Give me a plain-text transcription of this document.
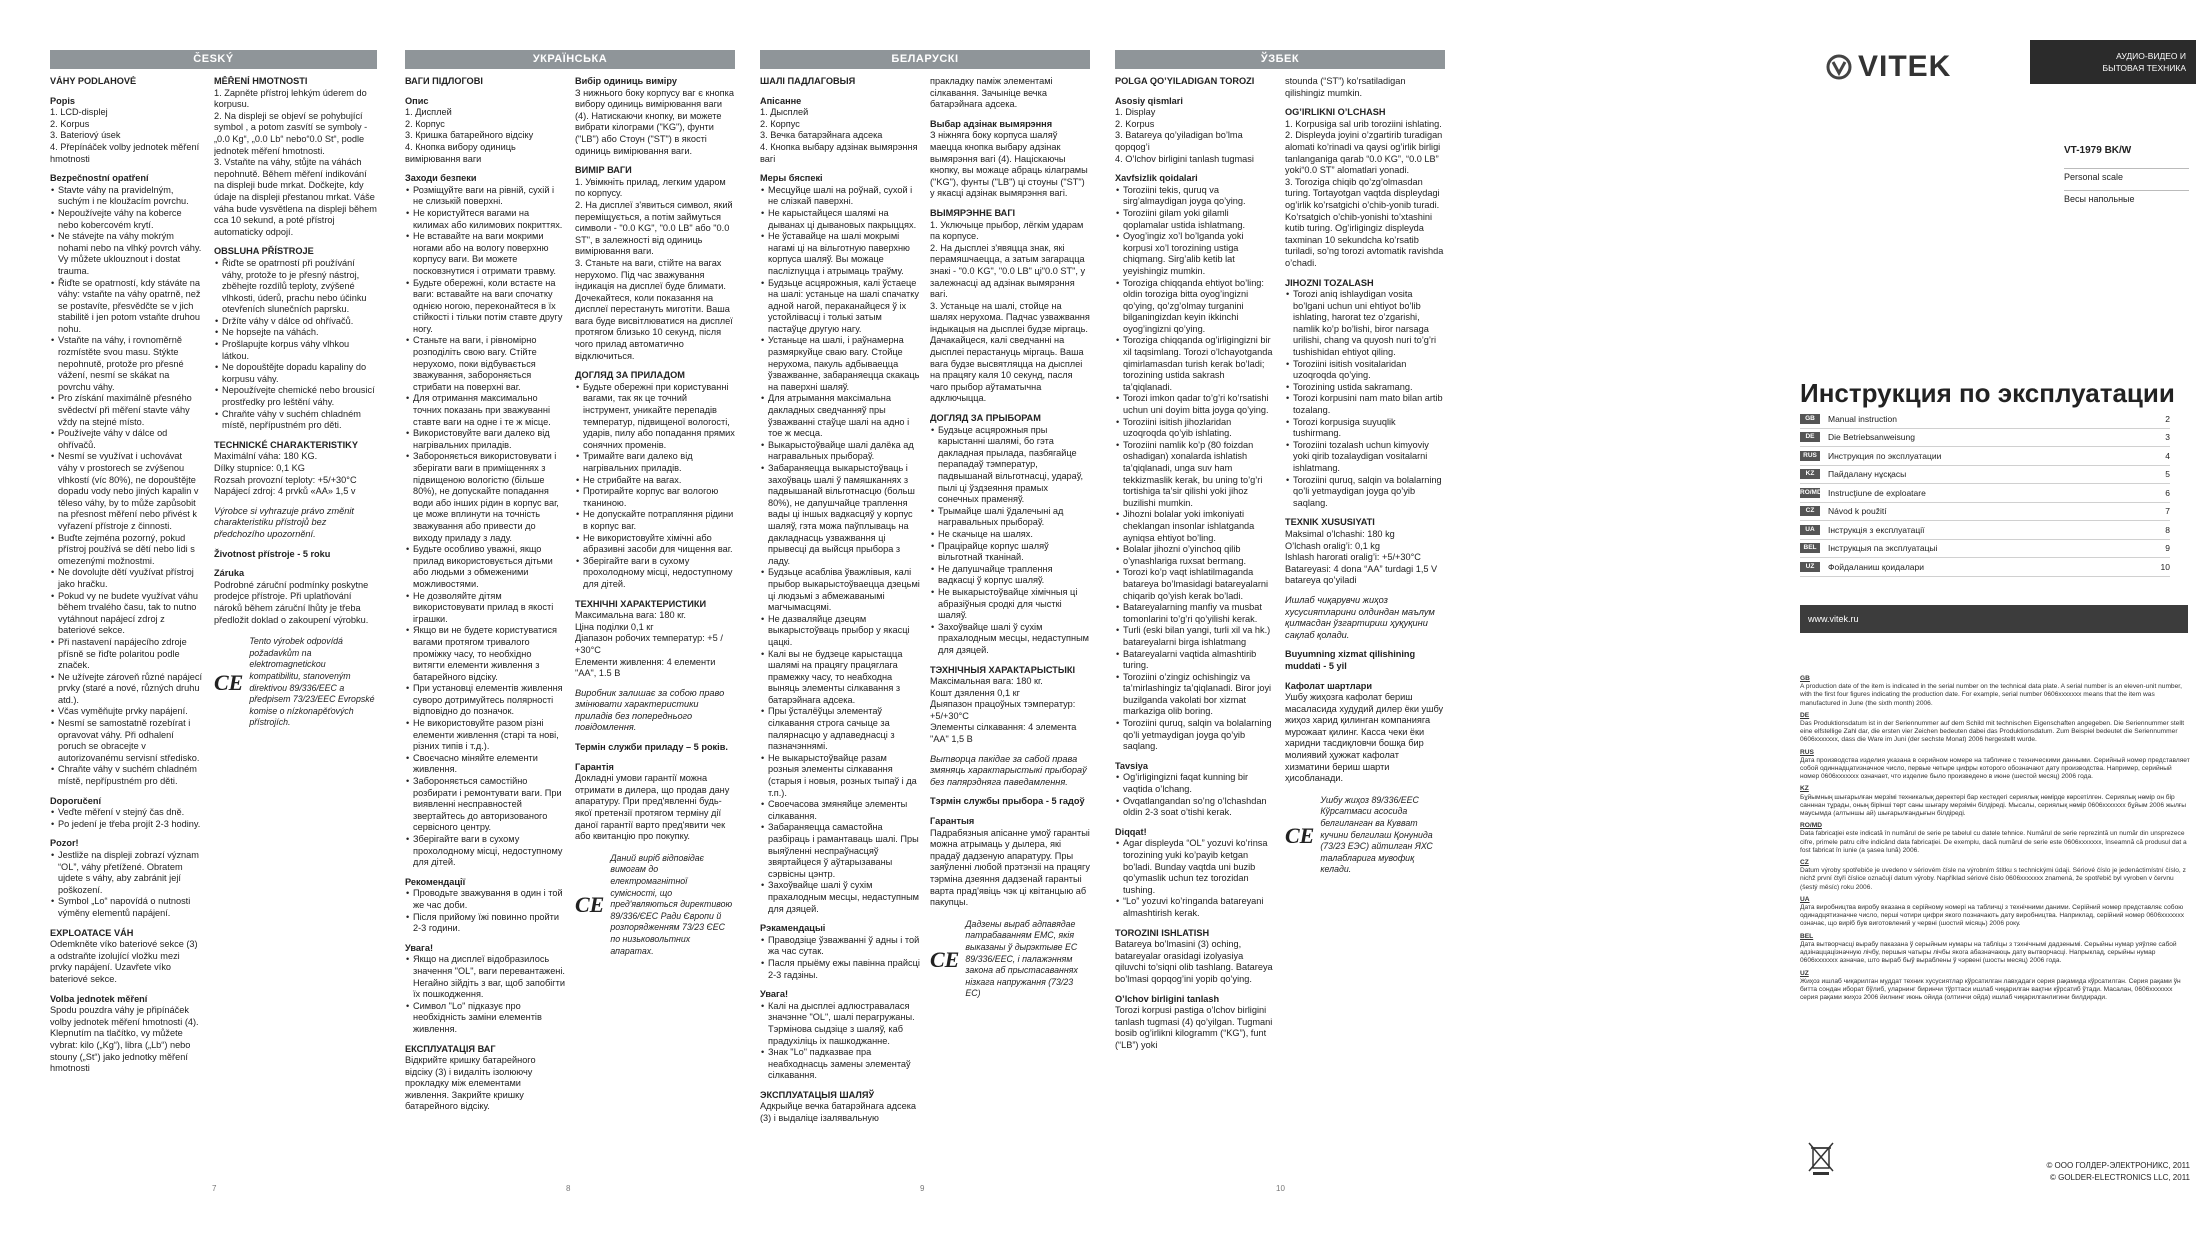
ČESKÝ

VÁHY PODLAHOVÉ

Popis

1. LCD-displej

2. Korpus

3. Bateriový úsek

4. Přepínáček volby jednotek měření hmotnosti

Bezpečnostní opatření

• Stavte váhy na pravidelným, suchým i ne kloužacím povrchu.
• Nepoužívejte váhy na koberce nebo kobercovém krytí.
• Ne stávejte na váhy mokrým nohami nebo na vlhký povrch váhy. Vy můžete uklouznout i dostat trauma.
• Řiďte se opatrností, kdy stáváte na váhy: vstaňte na váhy opatrně, než se postavíte, přesvědčte se v jich stabilitě i jen potom vstaňte druhou nohu.
• Vstaňte na váhy, i rovnoměrně rozmístěte svou masu. Stýkte nepohnutě, protože pro přesné vážení, nesmí se skákat na povrchu váhy.
• Pro získání maximálně přesného svědectví při měření stavte váhy vždy na stejné místo.
• Používejte váhy v dálce od ohřívačů.
• Nesmí se využívat i uchovávat váhy v prostorech se zvýšenou vlhkostí (víc 80%), ne dopouštějte dopadu vody nebo jiných kapalin v těleso váhy, by to může zapůsobit na přesnost měření nebo přivést k vyřazení přístroje z činnosti.
• Buďte zejména pozorný, pokud přístroj používá se dětí nebo lidi s omezenými možnostmi.
• Ne dovolujte dětí využívat přístroj jako hračku.
• Pokud vy ne budete využívat váhu během trvalého času, tak to nutno vytáhnout napájecí zdroj z bateriové sekce.
• Při nastavení napájecího zdroje přísně se řiďte polaritou podle značek.
• Ne užívejte zároveň různé napájecí prvky (staré a nové, různých druhu atd.).
• Včas vyměňujte prvky napájení.
• Nesmí se samostatně rozebírat i opravovat váhy. Při odhalení poruch se obracejte v autorizovanému servisní středisko.
• Chraňte váhy v suchém chladném místě, nepřípustném pro děti.

Doporučení

• Veďte měření v stejný čas dně.
• Po jedení je třeba projít 2-3 hodiny.

Pozor!

• Jestliže na displeji zobrazí význam “OL”, váhy přetížené. Obratem ujdete s váhy, aby zabránit její poškození.
• Symbol „Lo“ napovídá o nutnosti výměny elementů napájení.

EXPLOATACE VÁH

Odemkněte víko bateriové sekce (3) a odstraňte izolující vložku mezi prvky napájení. Uzavřete víko bateriové sekce.

Volba jednotek měření

Spodu pouzdra váhy je připínáček volby jednotek měření hmotnosti (4). Klepnutím na tlačítko, vy můžete vybrat: kilo („Kg“), libra („Lb“) nebo stouny („St“) jako jednotky měření hmotnosti

MĚŘENÍ HMOTNOSTI

1. Zapněte přístroj lehkým úderem do korpusu.

2. Na displeji se objeví se pohybující symbol , a potom zasvítí se symboly - „0.0 Kg“, „0.0 Lb“ nebo“0.0 St“, podle jednotek měření hmotnosti.

3. Vstaňte na váhy, stůjte na váhách nepohnutě. Během měření indikování na displeji bude mrkat. Dočkejte, kdy údaje na displeji přestanou mrkat. Váše váha bude vysvětlena na displeji během cca 10 sekund, a poté přístroj automaticky odpojí.

OBSLUHA PŘÍSTROJE

• Řiďte se opatrností při používání váhy, protože to je přesný nástroj, zběhejte rozdílů teploty, zvýšené vlhkosti, úderů, prachu nebo účinku otevřeních slunečních paprsku.
• Držíte váhy v dálce od ohřívačů.
• Ne hopsejte na váhách.
• Prošlapujte korpus váhy vlhkou látkou.
• Ne dopouštějte dopadu kapaliny do korpusu váhy.
• Nepoužívejte chemické nebo brousicí prostředky pro leštění váhy.
• Chraňte váhy v suchém chladném místě, nepřípustném pro děti.

TECHNICKÉ CHARAKTERISTIKY

Maximální váha: 180 KG.

Dílky stupnice: 0,1 KG

Rozsah provozní teploty: +5/+30°C

Napájecí zdroj: 4 prvků «AA» 1,5 v

Výrobce si vyhrazuje právo změnit charakteristiku přístrojů bez předchozího upozornění.

Životnost přístroje - 5 roku

Záruka

Podrobné záruční podmínky poskytne prodejce přístroje. Při uplatňování nároků během záruční lhůty je třeba předložit doklad o zakoupení výrobku.

CE
Tento výrobek odpovídá požadavkům na elektromagnetickou kompatibilitu, stanoveným direktivou 89/336/EEC a předpisem 73/23/EEC Evropské komise o nízkonapěťových přístrojích.
7
УКРАЇНСЬКА

ВАГИ ПІДЛОГОВІ

Опис

1. Дисплей

2. Корпус

3. Кришка батарейного відсіку

4. Кнопка вибору одиниць вимірювання ваги

Заходи безпеки

• Розміщуйте ваги на рівній, сухій і не слизькій поверхні.
• Не користуйтеся вагами на килимах або килимових покриттях.
• Не вставайте на ваги мокрими ногами або на вологу поверхню корпусу ваги. Ви можете посковзнутися і отримати травму.
• Будьте обережні, коли встаєте на ваги: вставайте на ваги спочатку однією ногою, переконайтеся в їх стійкості і тільки потім ставте другу ногу.
• Станьте на ваги, і рівномірно розподіліть свою вагу. Стійте нерухомо, поки відбувається зважування, забороняється стрибати на поверхні ваг.
• Для отримання максимально точних показань при зважуванні ставте ваги на одне і те ж місце.
• Використовуйте ваги далеко від нагрівальних приладів.
• Забороняється використовувати і зберігати ваги в приміщеннях з підвищеною вологістю (більше 80%), не допускайте попадання води або інших рідин в корпус ваг, це може вплинути на точність зважування або привести до виходу приладу з ладу.
• Будьте особливо уважні, якщо прилад використовується дітьми або людьми з обмеженими можливостями.
• Не дозволяйте дітям використовувати прилад в якості іграшки.
• Якщо ви не будете користуватися вагами протягом тривалого проміжку часу, то необхідно витягти елементи живлення з батарейного відсіку.
• При установці елементів живлення суворо дотримуйтесь полярності відповідно до позначок.
• Не використовуйте разом різні елементи живлення (старі та нові, різних типів і т.д.).
• Своєчасно міняйте елементи живлення.
• Забороняється самостійно розбирати і ремонтувати ваги. При виявленні несправностей звертайтесь до авторизованого сервісного центру.
• Зберігайте ваги в сухому прохолодному місці, недоступному для дітей.

Рекомендації

• Проводьте зважування в один і той же час доби.
• Після прийому їжі повинно пройти 2-3 години.

Увага!

• Якщо на дисплеї відобразилось значення "OL", ваги перевантажені. Негайно зійдіть з ваг, щоб запобігти їх пошкодження.
• Символ "Lo" підказує про необхідність заміни елементів живлення.

ЕКСПЛУАТАЦІЯ ВАГ

Відкрийте кришку батарейного відсіку (3) і видаліть ізолюючу прокладку між елементами живлення. Закрийте кришку батарейного відсіку.

Вибір одиниць виміру

З нижнього боку корпусу ваг є кнопка вибору одиниць вимірювання ваги (4). Натискаючи кнопку, ви можете вибрати кілограми ("KG"), фунти ("LB") або Стоун ("ST") в якості одиниць вимірювання ваги.

ВИМІР ВАГИ

1. Увімкніть прилад, легким ударом по корпусу.

2. На дисплеї з'явиться символ, який переміщується, а потім займуться символи - "0.0 KG", "0.0 LB" або "0.0 ST", в залежності від одиниць вимірювання ваги.

3. Станьте на ваги, стійте на вагах нерухомо. Під час зважування індикація на дисплеї буде блимати. Дочекайтеся, коли показання на дисплеї перестануть миготіти. Ваша вага буде висвітлюватися на дисплеї протягом близько 10 секунд, після чого прилад автоматично відключиться.

ДОГЛЯД ЗА ПРИЛАДОМ

• Будьте обережні при користуванні вагами, так як це точний інструмент, уникайте перепадів температур, підвищеної вологості, ударів, пилу або попадання прямих сонячних променів.
• Тримайте ваги далеко від нагрівальних приладів.
• Не стрибайте на вагах.
• Протирайте корпус ваг вологою тканиною.
• Не допускайте потрапляння рідини в корпус ваг.
• Не використовуйте хімічні або абразивні засоби для чищення ваг.
• Зберігайте ваги в сухому прохолодному місці, недоступному для дітей.

ТЕХНІЧНІ ХАРАКТЕРИСТИКИ

Максимальна вага: 180 кг.

Ціна поділки 0,1 кг

Діапазон робочих температур: +5 / +30°C

Елементи живлення: 4 елементи "AA", 1.5 B

Виробник залишає за собою право змінювати характеристики приладів без попереднього повідомлення.

Термін служби приладу – 5 років.

Гарантія

Докладні умови гарантії можна отримати в дилера, що продав дану апаратуру. При пред'явленні будь-якої претензії протягом терміну дії даної гарантії варто пред'явити чек або квитанцію про покупку.

CE
Даний виріб відповідає вимогам до електромагнітної сумісності, що пред'являються директивою 89/336/ЄЕС Ради Європи й розпорядженням 73/23 ЄЕС по низьковольтних апаратах.
8
БЕЛАРУСКІ

ШАЛІ ПАДЛАГОВЫЯ

Апісанне

1. Дысплей

2. Корпус

3. Вечка батарэйнага адсека

4. Кнопка выбару адзінак вымярэння вагі

Меры бяспекі

• Месцуйце шалі на роўнай, сухой і не слізкай паверхні.
• Не карыстайцеся шалямі на дыванах ці дывановых пакрыццях.
• Не ўставайце на шалі мокрымі нагамі ці на вільготную паверхню корпуса шаляў. Вы можаце пасліznуцца і атрымаць траўму.
• Будзьце асцярожныя, калі ўстаеце на шалі: устаньце на шалі спачатку адной нагой, пераканайцеся ў іх устойлівасці і толькі затым пастаўце другую нагу.
• Устаньце на шалі, і раўнамерна размяркуйце сваю вагу. Стойце нерухома, пакуль адбываецца ўзважванне, забараняецца скакаць на паверхні шаляў.
• Для атрымання максімальна дакладных сведчанняў пры ўзважванні стаўце шалі на адно і тое ж месца.
• Выкарыстоўвайце шалі далёка ад награвальных прыбораў.
• Забараняецца выкарыстоўваць і захоўваць шалі ў памяшканнях з падвышанай вільготнасцю (больш 80%), не дапушчайце траплення вады ці іншых вадкасцяў у корпус шаляў, гэта можа паўплываць на дакладнасць узважвання ці прывесці да выйсця прыбора з ладу.
• Будзьце асабліва ўважлівыя, калі прыбор выкарыстоўваецца дзецьмі ці людзьмі з абмежаванымі магчымасцямі.
• Не дазваляйце дзецям выкарыстоўваць прыбор у якасці цацкі.
• Калі вы не будзеце карыстацца шалямі на працягу працяглага прамежку часу, то неабходна выняць элементы сілкавання з батарэйнага адсека.
• Пры ўсталёўцы элементаў сілкавання строга сачыце за палярнасцю у адпаведнасці з пазначэннямі.
• Не выкарыстоўвайце разам розныя элементы сілкавання (старыя і новыя, розных тыпаў і да т.п.).
• Своечасова змяняйце элементы сілкавання.
• Забараняецца самастойна разбіраць і рамантаваць шалі. Пры выяўленні неспраўнасцяў звяртайцеся ў аўтарызаваны сэрвісны цэнтр.
• Захоўвайце шалі ў сухім прахалодным месцы, недаступным для дзяцей.

Рэкамендацыі

• Праводзіце ўзважванні ў адны і той жа час сутак.
• Пасля прыёму ежы павінна прайсці 2-3 гадзіны.

Увага!

• Калі на дысплеі адлюстравалася значэнне "OL", шалі перагружаны. Тэрмінова сыдзіце з шаляў, каб прадухіліць іх пашкоджанне.
• Знак "Lo" падказвае пра неабходнасць замены элементаў сілкавання.

ЭКСПЛУАТАЦЫЯ ШАЛЯЎ

Адкрыйце вечка батарэйнага адсека (3) і выдаліце ізалявальную

пракладку паміж элементамі сілкавання. Зачыніце вечка батарэйнага адсека.

Выбар адзінак вымярэння

З ніжняга боку корпуса шаляў маецца кнопка выбару адзінак вымярэння вагі (4). Націскаючы кнопку, вы можаце абраць кілаграмы ("KG"), фунты ("LB") ці стоуны ("ST") у якасці адзінак вымярэння вагі.

ВЫМЯРЭННЕ ВАГІ

1. Уключыце прыбор, лёгкім ударам па корпусе.

2. На дысплеі з'явяцца знак, які перамяшчаецца, а затым загарацца знакі - "0.0 KG", "0.0 LB" ці"0.0 ST", у залежнасці ад адзінак вымярэння вагі.

3. Устаньце на шалі, стойце на шалях нерухома. Падчас узважвання індыкацыя на дысплеі будзе міргаць. Дачакайцеся, калі сведчанні на дысплеі перастануць міргаць. Ваша вага будзе высвятляцца на дысплеі на працягу каля 10 секунд, пасля чаго прыбор аўтаматычна адключыцца.

ДОГЛЯД ЗА ПРЫБОРАМ

• Будзьце асцярожныя пры карыстанні шалямі, бо гэта дакладная прылада, пазбягайце перападаў тэмператур, падвышанай вільготнасці, удараў, пылі ці ўздзеяння прамых сонечных праменяў.
• Трымайце шалі ўдалечыні ад награвальных прыбораў.
• Не скачыце на шалях.
• Працірайце корпус шаляў вільготнай тканінай.
• Не дапушчайце траплення вадкасці ў корпус шаляў.
• Не выкарыстоўвайце хімічныя ці абразіўныя сродкі для чысткі шаляў.
• Захоўвайце шалі ў сухім прахалодным месцы, недаступным для дзяцей.

ТЭХНІЧНЫЯ ХАРАКТАРЫСТЫКІ

Максімальная вага: 180 кг.

Кошт дзялення 0,1 кг

Дыяпазон працоўных тэмператур: +5/+30°C

Элементы сілкавання: 4 элемента "AA" 1,5 В

Вытворца пакідае за сабой права змяняць характарыстыкі прыбораў без папярэдняга паведамлення.

Тэрмін службы прыбора - 5 гадоў

Гарантыя

Падрабязныя апісанне умоў гарантыі можна атрымаць у дылера, які прадаў дадзеную апаратуру. Пры заяўленні любой прэтэнзіі на працягу тэрміна дзеяння дадзенай гарантыі варта прад'явіць чэк ці квітанцыю аб пакупцы.

CE
Дадзены выраб адпавядае патрабаванням ЕМС, якія выказаны ў дырэктыве ЕС 89/336/ЕЕС, і палажэнням закона аб прыстасаваннях нізкага напружання (73/23 ЕС)
9
ЎЗБЕК

POLGA QO’YILADIGAN TOROZI

Asosiy qismlari

1. Display

2. Korpus

3. Batareya qo’yiladigan bo’lma qopqog’i

4. O’lchov birligini tanlash tugmasi

Xavfsizlik qoidalari

• Toroziini tekis, quruq va sirg’almaydigan joyga qo’ying.
• Toroziini gilam yoki gilamli qoplamalar ustida ishlatmang.
• Oyog’ingiz xo’l bo’lganda yoki korpusi xo’l torozining ustiga chiqmang. Sirg’alib ketib lat yeyishingiz mumkin.
• Torozіga chiqqanda ehtiyot bo’ling: oldin torozіga bitta oyog’ingizni qo’ying, qo’zg’olmay turganini bilganingizdan keyin ikkinchi oyog’ingizni qo’ying.
• Torozіga chiqqanda og’irligingizni bir xil taqsimlang. Torozi o’lchayotganda qimirlamasdan turish kerak bo’ladi; torozining ustida sakrash ta’qiqlanadi.
• Torozi imkon qadar to’g’ri ko’rsatishi uchun uni doyim bitta joyga qo’ying.
• Toroziini isitish jihozlaridan uzoqroqda qo’yib ishlating.
• Toroziini namlik ko’p (80 foizdan oshadigan) xonalarda ishlatish ta’qiqlanadi, unga suv ham tekkizmaslik kerak, bu uning to’g’ri tortishiga ta’sir qilishi yoki jihoz buzilishi mumkin.
• Jihozni bolalar yoki imkoniyati cheklangan insonlar ishlatganda ayniqsa ehtiyot bo’ling.
• Bolalar jihozni o’yinchoq qilib o’ynashlariga ruxsat bermang.
• Torozi ko’p vaqt ishlatilmaganda batareya bo’lmasidagi batareyalarni chiqarib qo’yish kerak bo’ladi.
• Batareyalarning manfiy va musbat tomonlarini to’g’ri qo’yilishi kerak.
• Turli (eski bilan yangi, turli xil va hk.) batareyalarni birga ishlatmang
• Batareyalarni vaqtida almashtirib turing.
• Toroziini o’zingiz ochishingiz va ta’mirlashingiz ta’qiqlanadi. Biror joyi buzilganda vakolati bor xizmat markaziga olib boring.
• Toroziini quruq, salqin va bolalarning qo’li yetmaydigan joyga qo’yib saqlang.

Tavsiya

• Og’irligingizni faqat kunning bir vaqtida o’lchang.
• Ovqatlangandan so’ng o’lchashdan oldin 2-3 soat o’tishi kerak.

Diqqat!

• Agar displeyda “OL” yozuvi ko’rinsa torozining yuki ko’payib ketgan bo’ladi. Bunday vaqtda uni buzib qo’ymaslik uchun tez torozidan tushing.
• “Lo” yozuvi ko’ringanda batareyani almashtirish kerak.

TOROZINI ISHLATISH

Batareya bo’lmasini (3) oching, batareyalar orasidagi izolyasiya qiluvchi to’siqni olib tashlang. Batareya bo’lmasi qopqog’ini yopib qo’ying.

O’lchov birligini tanlash

Torozi korpusi pastiga o’lchov birligini tanlash tugmasi (4) qo’yilgan. Tugmani bosib og’irlikni kilogramm (“KG”), funt (“LB”) yoki

stounda (“ST”) ko’rsatiladigan qilishingiz mumkin.

OG’IRLIKNI O’LCHASH

1. Korpusiga sal urib toroziini ishlating.

2. Displeyda joyini o’zgartirib turadigan alomati ko’rinadi va qaysi og’irlik birligi tanlanganiga qarab “0.0 KG”, “0.0 LB” yoki“0.0 ST” alomatlari yonadi.

3. Torozіga chiqib qo’zg’olmasdan turing. Tortayotgan vaqtda displeydagi og’irlik ko’rsatgichi o’chib-yonib turadi. Ko’rsatgich o’chib-yonishi to’xtashini kutib turing. Og’irligingiz displeyda taxminan 10 sekundcha ko’rsatib turiladi, so’ng torozi avtomatik ravishda o’chadi.

JIHOZNI TOZALASH

• Torozi aniq ishlaydigan vosita bo’lgani uchun uni ehtiyot bo’lib ishlating, harorat tez o’zgarishi, namlik ko’p bo’lishi, biror narsaga urilishi, chang va quyosh nuri to’g’ri tushishidan ehtiyot qiling.
• Toroziini isitish vositalaridan uzoqroqda qo’ying.
• Torozining ustida sakramang.
• Torozi korpusini nam mato bilan artib tozalang.
• Torozi korpusiga suyuqlik tushirmang.
• Toroziini tozalash uchun kimyoviy yoki qirib tozalaydigan vositalarni ishlatmang.
• Toroziini quruq, salqin va bolalarning qo’li yetmaydigan joyga qo’yib saqlang.

TEXNIK XUSUSIYATI

Maksimal o’lchashi: 180 kg

O’lchash oralig’i: 0,1 kg

Ishlash harorati oralig’i: +5/+30°C

Batareyasi: 4 dona “AA” turdagi 1,5 V batareya qo’yiladi

Ишлаб чиқарувчи жиҳоз хусусиятларини олдиндан маълум қилмасдан ўзгартириш ҳуқуқини сақлаб қолади.

Buyumning xizmat qilishining muddati - 5 yil

Кафолат шартлари

Ушбу жиҳозга кафолат бериш масаласида худудий дилер ёки ушбу жиҳоз харид қилинган компанияга мурожаат қилинг. Касса чеки ёки харидни тасдиқловчи бошқа бир молиявий ҳужжат кафолат хизматини бериш шарти ҳисобланади.

CE
Ушбу жиҳоз 89/336/ЕЕС Кўрсатмаси асосида белгиланган ва Кувват кучини белгилаш Қонунида (73/23 ЕЭС) айтилган ЯХС талабларига мувофиқ келади.
10
VITEK	АУДИО-ВИДЕО И
БЫТОВАЯ ТЕХНИКА
VT-1979 BK/W
Personal scale
Весы напольные
Инструкция по эксплуатации
GB	Manual instruction	2
DE	Die Betriebsanweisung	3
RUS	Инструкция по эксплуатации	4
KZ	Пайдалану нұсқасы	5
RO/MD Instrucţiune de exploatare	6
CZ	Návod k použití	7
UA	Інструкція з експлуатації	8
BEL	Інструкцыя па эксплуатацыі	9
UZ	Фойдаланиш қоидалари	10
www.vitek.ru
GB
A production date of the item is indicated in the serial number on the technical data plate. A serial number is an eleven-unit number, with the first four figures indicating the production date. For example, serial number 0606xxxxxxx means that the item was manufactured in June (the sixth month) 2006.
DE
Das Produktionsdatum ist in der Seriennummer auf dem Schild mit technischen Eigenschaften angegeben. Die Seriennummer stellt eine elfstellige Zahl dar, die ersten vier Zeichen bedeuten dabei das Produktionsdatum. Zum Beispiel bedeutet die Seriennummer 0606xxxxxxx, dass die Ware im Juni (der sechste Monat) 2006 hergestellt wurde.
RUS
Дата производства изделия указана в серийном номере на табличке с техническими данными. Серийный номер представляет собой одиннадцатизначное число, первые четыре цифры которого обозначают дату производства. Например, серийный номер 0606ххххххх означает, что изделие было произведено в июне (шестой месяц) 2006 года.
KZ
Бұйымның шығарылған мерзімі техникалық деректері бар кестедегі сериялық нөмірде көрсетілген. Сериялық нөмір он бір санннан тұрады, оның бірінші төрт саны шығару мерзімін білдіреді. Мысалы, сериялық нөмір 0606ххххххх бұйым 2006 жылғы маусымда (алтыншы ай) шығарылғандығын білдіреді.
RO/MD
Data fabricaţiei este indicată în numărul de serie pe tabelul cu datele tehnice. Numărul de serie reprezintă un număr din unsprezece cifre, primele patru cifre indicând data fabricaţiei. De exemplu, dacă numărul de serie este 0606xxxxxxx, înseamnă că produsul dat a fost fabricat în iunie (a şasea lună) 2006.
CZ
Datum výroby spotřebiče je uvedeno v sériovém čísle na výrobním štítku s technickými údaji. Sériové číslo je jedenáctimístní číslo, z nichž první čtyři číslice označují datum výroby. Například sériové číslo 0606xxxxxxx znamená, že spotřebič byl vyroben v červnu (šestý měsíc) roku 2006.
UA
Дата виробництва виробу вказана в серійному номері на табличці з технічними даними. Серійний номер представляє собою одинадцятизначне число, перші чотири цифри якого позначають дату виробництва. Наприклад, серійний номер 0606ххххххх означає, що виріб був виготовлений у червні (шостий місяць) 2006 року.
BEL
Дата вытворчасці вырабу паказана ў серыйным нумары на табліцы з тэхнічнымі дадзенымі. Серыйны нумар уяўляе сабой адзінаццацізначную лічбу, першыя чатыры лічбы якога абазначаюць дату вытворчасці. Напрыклад, серыйны нумар 0606ххххххх азначае, што выраб быў выраблены ў чэрвені (шосты месяц) 2006 года.
UZ
Жиҳоз ишлаб чиқарилган муддат техник хусусиятлар кўрсатилган лавҳадаги серия рақамида кўрсатилган. Серия рақами ўн битта сондан иборат бўлиб, уларнинг биринчи тўрттаси ишлаб чиқарилган вақтни кўрсатиб ўтади. Масалан, 0606ххххххх серия рақами жиҳоз 2006 йилнинг июнь ойида (олтинчи ойда) ишлаб чиқарилганлигини билдиради.
© ООО ГОЛДЕР-ЭЛЕКТРОНИКС, 2011
© GOLDER-ELECTRONICS LLC, 2011
